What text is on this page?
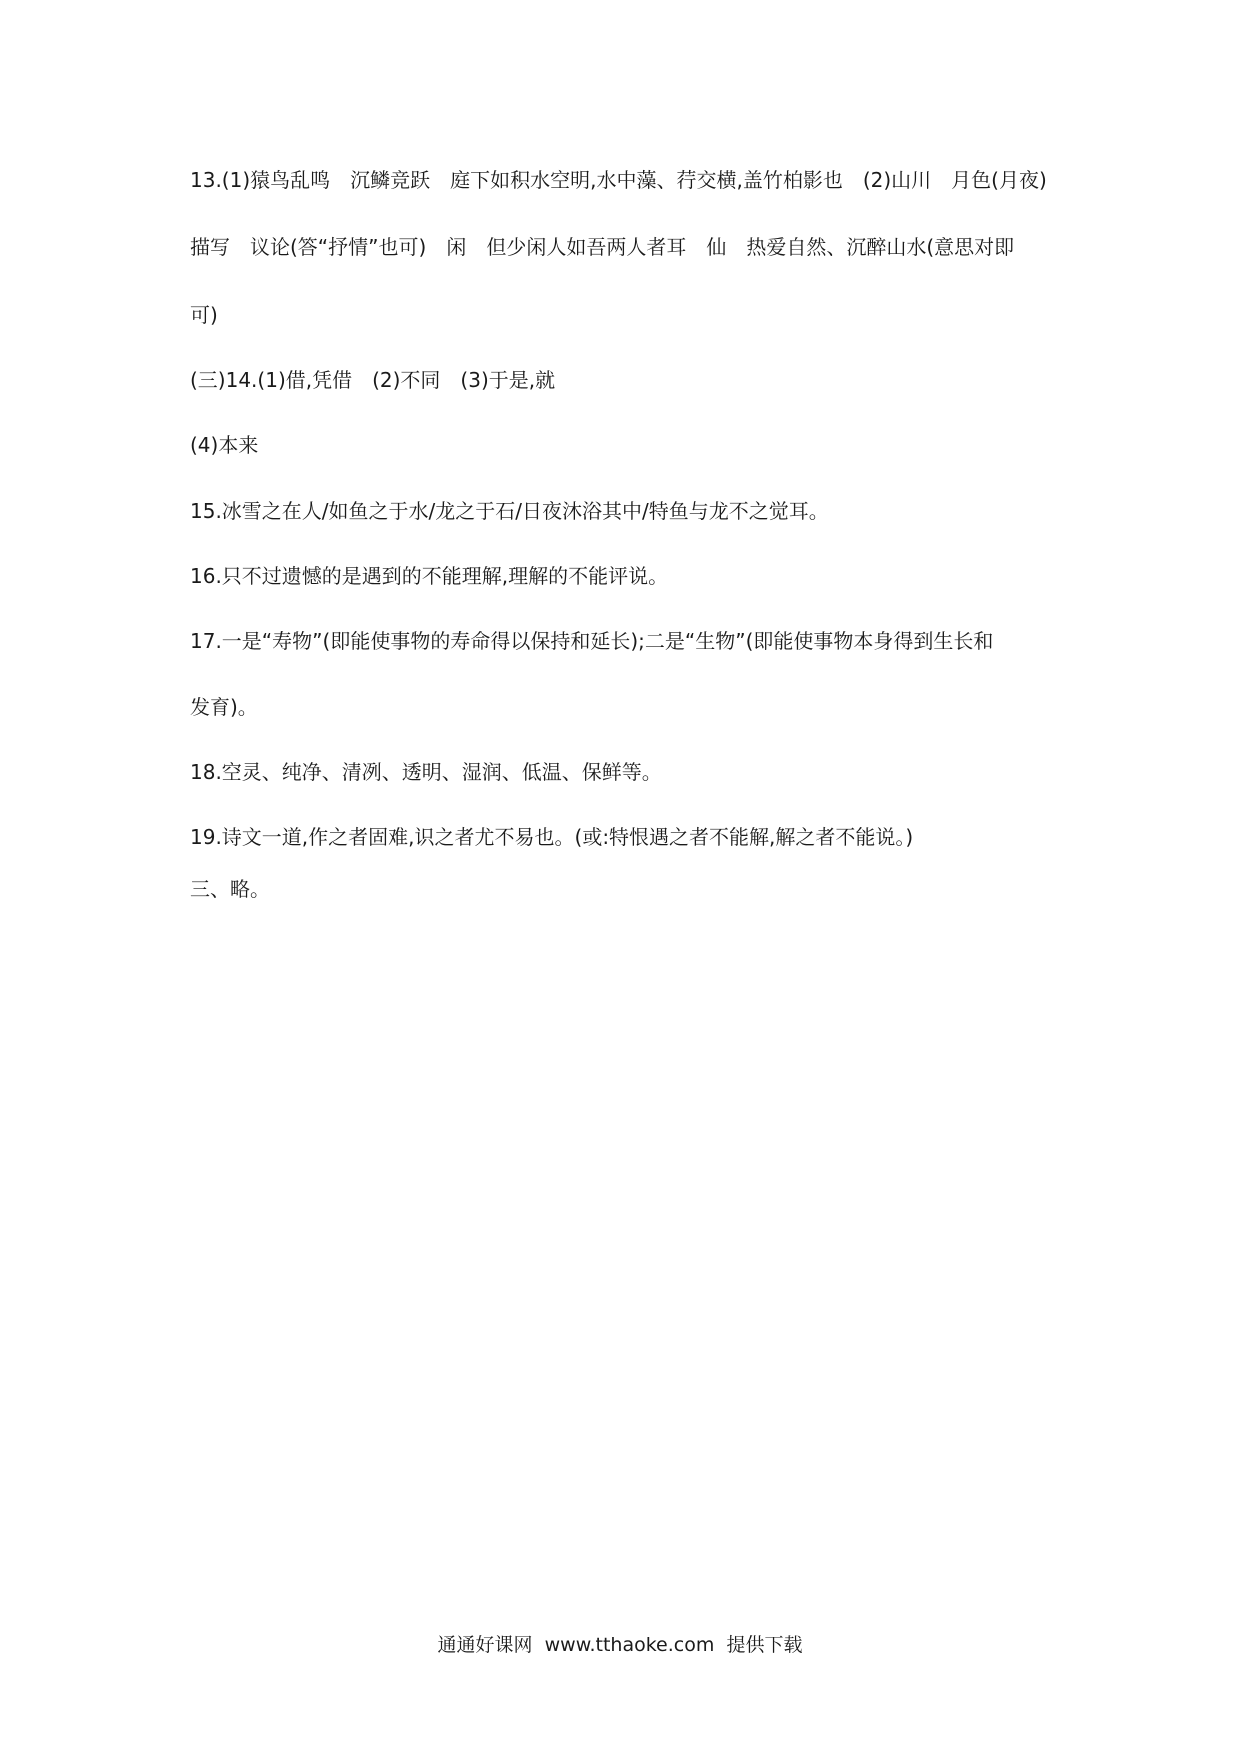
13.(1)猿鸟乱鸣　沉鳞竞跃　庭下如积水空明,水中藻、荇交横,盖竹柏影也　(2)山川　月色(月夜)

描写　议论(答“抒情”也可)　闲　但少闲人如吾两人者耳　仙　热爱自然、沉醉山水(意思对即

可)

(三)14.(1)借,凭借　(2)不同　(3)于是,就

(4)本来

15.冰雪之在人/如鱼之于水/龙之于石/日夜沐浴其中/特鱼与龙不之觉耳。

16.只不过遗憾的是遇到的不能理解,理解的不能评说。

17.一是“寿物”(即能使事物的寿命得以保持和延长);二是“生物”(即能使事物本身得到生长和

发育)。

18.空灵、纯净、清冽、透明、湿润、低温、保鲜等。

19.诗文一道,作之者固难,识之者尤不易也。(或:特恨遇之者不能解,解之者不能说。)

三、略。

通通好课网  www.tthaoke.com  提供下载
